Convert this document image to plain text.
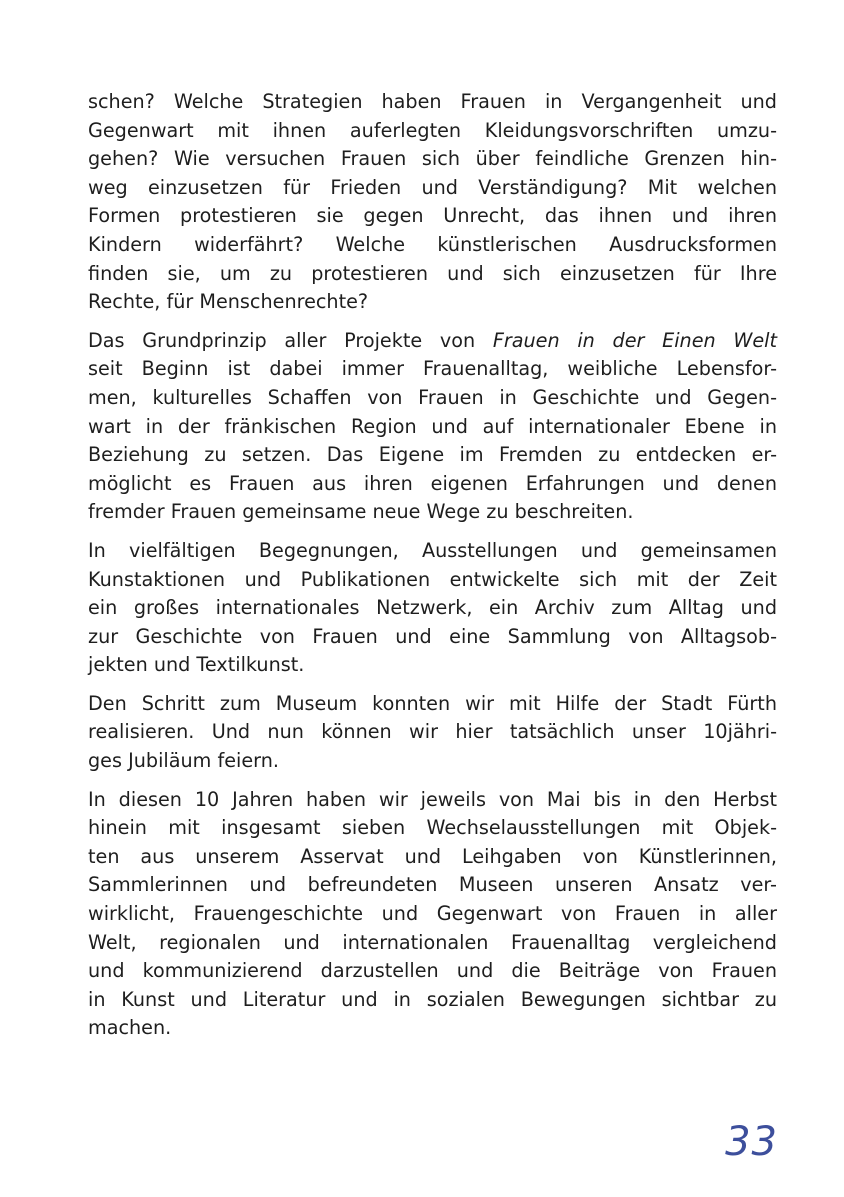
schen? Welche Strategien haben Frauen in Vergangenheit und
Gegenwart mit ihnen auferlegten Kleidungsvorschriften umzu-
gehen? Wie versuchen Frauen sich über feindliche Grenzen hin-
weg einzusetzen für Frieden und Verständigung? Mit welchen
Formen protestieren sie gegen Unrecht, das ihnen und ihren
Kindern widerfährt? Welche künstlerischen Ausdrucksformen
finden sie, um zu protestieren und sich einzusetzen für Ihre
Rechte, für Menschenrechte?

Das Grundprinzip aller Projekte von Frauen in der Einen Welt
seit Beginn ist dabei immer Frauenalltag, weibliche Lebensfor-
men, kulturelles Schaffen von Frauen in Geschichte und Gegen-
wart in der fränkischen Region und auf internationaler Ebene in
Beziehung zu setzen. Das Eigene im Fremden zu entdecken er-
möglicht es Frauen aus ihren eigenen Erfahrungen und denen
fremder Frauen gemeinsame neue Wege zu beschreiten.

In vielfältigen Begegnungen, Ausstellungen und gemeinsamen
Kunstaktionen und Publikationen entwickelte sich mit der Zeit
ein großes internationales Netzwerk, ein Archiv zum Alltag und
zur Geschichte von Frauen und eine Sammlung von Alltagsob-
jekten und Textilkunst.

Den Schritt zum Museum konnten wir mit Hilfe der Stadt Fürth
realisieren. Und nun können wir hier tatsächlich unser 10jähri-
ges Jubiläum feiern.

In diesen 10 Jahren haben wir jeweils von Mai bis in den Herbst
hinein mit insgesamt sieben Wechselausstellungen mit Objek-
ten aus unserem Asservat und Leihgaben von Künstlerinnen,
Sammlerinnen und befreundeten Museen unseren Ansatz ver-
wirklicht, Frauengeschichte und Gegenwart von Frauen in aller
Welt, regionalen und internationalen Frauenalltag vergleichend
und kommunizierend darzustellen und die Beiträge von Frauen
in Kunst und Literatur und in sozialen Bewegungen sichtbar zu
machen.

33
